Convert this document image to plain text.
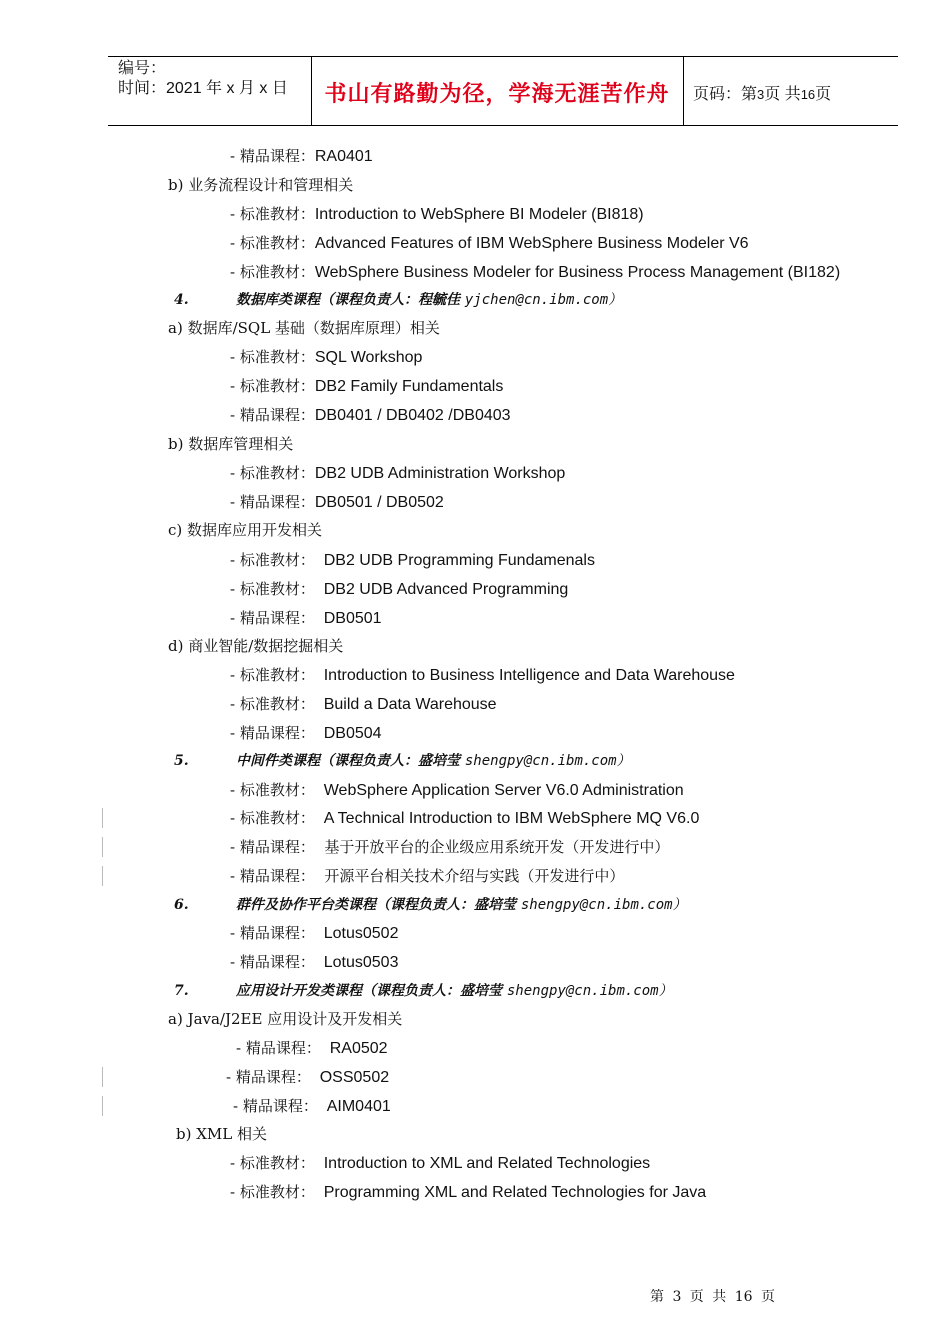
编号：
时间：2021 年 x 月 x 日	书山有路勤为径，学海无涯苦作舟	页码：第3页 共16页
- 精品课程：RA0401
b) 业务流程设计和管理相关
- 标准教材：Introduction to WebSphere BI Modeler (BI818)
- 标准教材：Advanced Features of IBM WebSphere Business Modeler V6
- 标准教材：WebSphere Business Modeler for Business Process Management (BI182)
4.	数据库类课程（课程负责人：程毓佳 yjchen@cn.ibm.com）
a) 数据库/SQL 基础（数据库原理）相关
- 标准教材：SQL Workshop
- 标准教材：DB2 Family Fundamentals
- 精品课程：DB0401 / DB0402 /DB0403
b) 数据库管理相关
- 标准教材：DB2 UDB Administration Workshop
- 精品课程：DB0501 / DB0502
c) 数据库应用开发相关
- 标准教材：  DB2 UDB Programming Fundamenals
- 标准教材：  DB2 UDB Advanced Programming
- 精品课程：  DB0501
d) 商业智能/数据挖掘相关
- 标准教材：  Introduction to Business Intelligence and Data Warehouse
- 标准教材：  Build a Data Warehouse
- 精品课程：  DB0504
5.	中间件类课程（课程负责人：盛培莹 shengpy@cn.ibm.com）
- 标准教材：  WebSphere Application Server V6.0 Administration
- 标准教材：  A Technical Introduction to IBM WebSphere MQ V6.0
- 精品课程：  基于开放平台的企业级应用系统开发（开发进行中）
- 精品课程：  开源平台相关技术介绍与实践（开发进行中）
6.	群件及协作平台类课程（课程负责人：盛培莹 shengpy@cn.ibm.com）
- 精品课程：  Lotus0502
- 精品课程：  Lotus0503
7.	应用设计开发类课程（课程负责人：盛培莹 shengpy@cn.ibm.com）
a) Java/J2EE 应用设计及开发相关
- 精品课程：  RA0502
- 精品课程：  OSS0502
- 精品课程：  AIM0401
b) XML 相关
- 标准教材：  Introduction to XML and Related Technologies
- 标准教材：  Programming XML and Related Technologies for Java
第 3 页 共 16 页
